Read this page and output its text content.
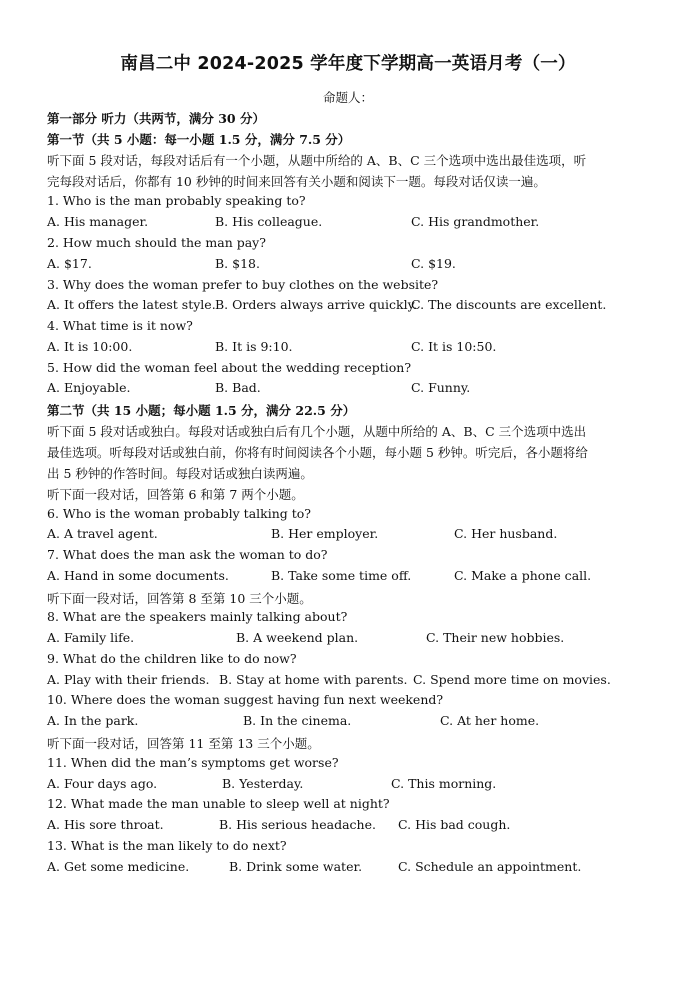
南昌二中 2024-2025 学年度下学期高一英语月考（一）
命题人：
第一部分 听力（共两节，满分 30 分）
第一节（共 5 小题：每一小题 1.5 分，满分 7.5 分）
听下面 5 段对话，每段对话后有一个小题，从题中所给的 A、B、C 三个选项中选出最佳选项，听
完每段对话后，你都有 10 秒钟的时间来回答有关小题和阅读下一题。每段对话仅读一遍。
1. Who is the man probably speaking to?
A. His manager.	B. His colleague.	C. His grandmother.
2. How much should the man pay?
A. $17.	B. $18.	C. $19.
3. Why does the woman prefer to buy clothes on the website?
A. It offers the latest style. B. Orders always arrive quickly.
C. The discounts are excellent.
4. What time is it now?
A. It is 10:00.	B. It is 9:10.	C. It is 10:50.
5. How did the woman feel about the wedding reception?
A. Enjoyable.	B. Bad.	C. Funny.
第二节（共 15 小题；每小题 1.5 分，满分 22.5 分）
听下面 5 段对话或独白。每段对话或独白后有几个小题，从题中所给的 A、B、C 三个选项中选出
最佳选项。听每段对话或独白前，你将有时间阅读各个小题，每小题 5 秒钟。听完后，各小题将给
出 5 秒钟的作答时间。每段对话或独白读两遍。
听下面一段对话，回答第 6 和第 7 两个小题。
6. Who is the woman probably talking to?
A. A travel agent.	B. Her employer.	C. Her husband.
7. What does the man ask the woman to do?
A. Hand in some documents.	B. Take some time off.	C. Make a phone call.
听下面一段对话，回答第 8 至第 10 三个小题。
8. What are the speakers mainly talking about?
A. Family life.	B. A weekend plan.	C. Their new hobbies.
9. What do the children like to do now?
A. Play with their friends. B. Stay at home with parents. C. Spend more time on movies.
10. Where does the woman suggest having fun next weekend?
A. In the park.	B. In the cinema.	C. At her home.
听下面一段对话，回答第 11 至第 13 三个小题。
11. When did the man’s symptoms get worse?
A. Four days ago.	B. Yesterday.	C. This morning.
12. What made the man unable to sleep well at night?
A. His sore throat.	B. His serious headache. C. His bad cough.
13. What is the man likely to do next?
A. Get some medicine.	B. Drink some water.	C. Schedule an appointment.
